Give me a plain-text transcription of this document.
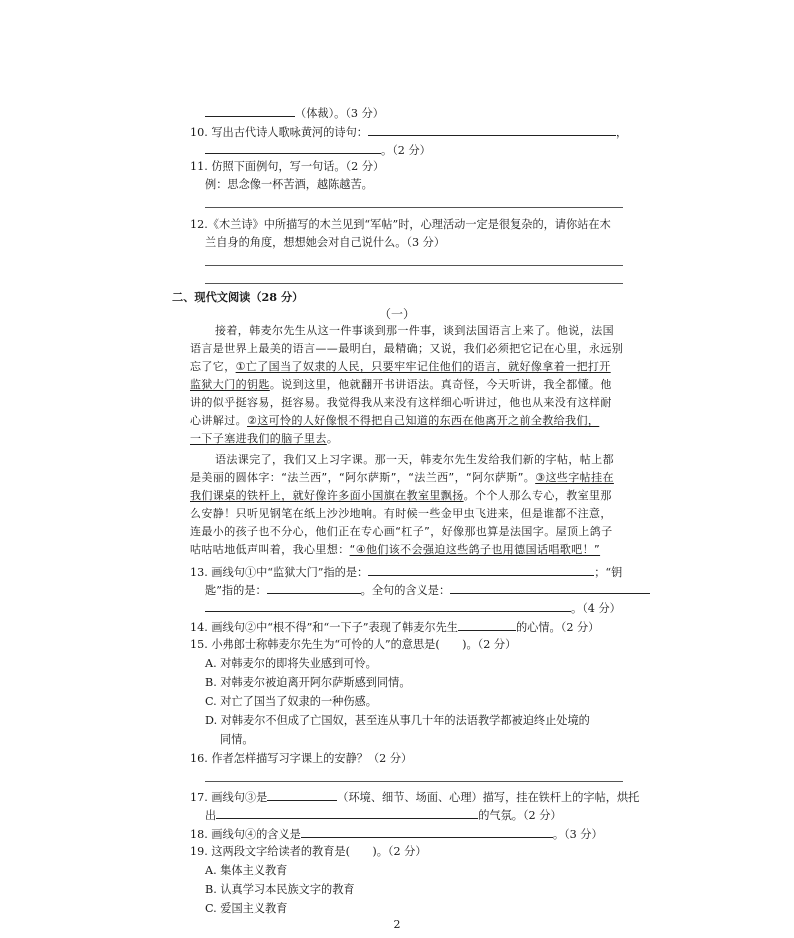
（体裁）。（3 分）
10. 写出古代诗人歌咏黄河的诗句：	，
。（2 分）
11. 仿照下面例句，写一句话。（2 分）
例：思念像一杯苦酒，越陈越苦。
12.《木兰诗》中所描写的木兰见到“军帖”时，心理活动一定是很复杂的，请你站在木
兰自身的角度，想想她会对自己说什么。（3 分）
二、现代文阅读（28 分）
（一）
接着，韩麦尔先生从这一件事谈到那一件事，谈到法国语言上来了。他说，法国
语言是世界上最美的语言——最明白，最精确；又说，我们必须把它记在心里，永远别
忘了它，①亡了国当了奴隶的人民，只要牢牢记住他们的语言，就好像拿着一把打开
监狱大门的钥匙。说到这里，他就翻开书讲语法。真奇怪，今天听讲，我全都懂。他
讲的似乎挺容易，挺容易。我觉得我从来没有这样细心听讲过，他也从来没有这样耐
心讲解过。②这可怜的人好像恨不得把自己知道的东西在他离开之前全教给我们，
一下子塞进我们的脑子里去。
语法课完了，我们又上习字课。那一天，韩麦尔先生发给我们新的字帖，帖上都
是美丽的圆体字：“法兰西”，“阿尔萨斯”，“法兰西”，“阿尔萨斯”。③这些字帖挂在
我们课桌的铁杆上，就好像许多面小国旗在教室里飘扬。个个人那么专心，教室里那
么安静！只听见钢笔在纸上沙沙地响。有时候一些金甲虫飞进来，但是谁都不注意，
连最小的孩子也不分心，他们正在专心画“杠子”，好像那也算是法国字。屋顶上鸽子
咕咕咕地低声叫着，我心里想：“④他们该不会强迫这些鸽子也用德国话唱歌吧！”
13. 画线句①中“监狱大门”指的是：	；“钥
匙”指的是：	。全句的含义是：
。（4 分）
14. 画线句②中“根不得”和“一下子”表现了韩麦尔先生	的心情。（2 分）
15. 小弗郎士称韩麦尔先生为“可怜的人”的意思是(　　)。（2 分）
A. 对韩麦尔的即将失业感到可怜。
B. 对韩麦尔被迫离开阿尔萨斯感到同情。
C. 对亡了国当了奴隶的一种伤感。
D. 对韩麦尔不但成了亡国奴，甚至连从事几十年的法语教学都被迫终止处境的
同情。
16. 作者怎样描写习字课上的安静？（2 分）
17. 画线句③是	（环境、细节、场面、心理）描写，挂在铁杆上的字帖，烘托
出	的气氛。（2 分）
18. 画线句④的含义是	。（3 分）
19. 这两段文字给读者的教育是(　　)。（2 分）
A. 集体主义教育
B. 认真学习本民族文字的教育
C. 爱国主义教育
2
